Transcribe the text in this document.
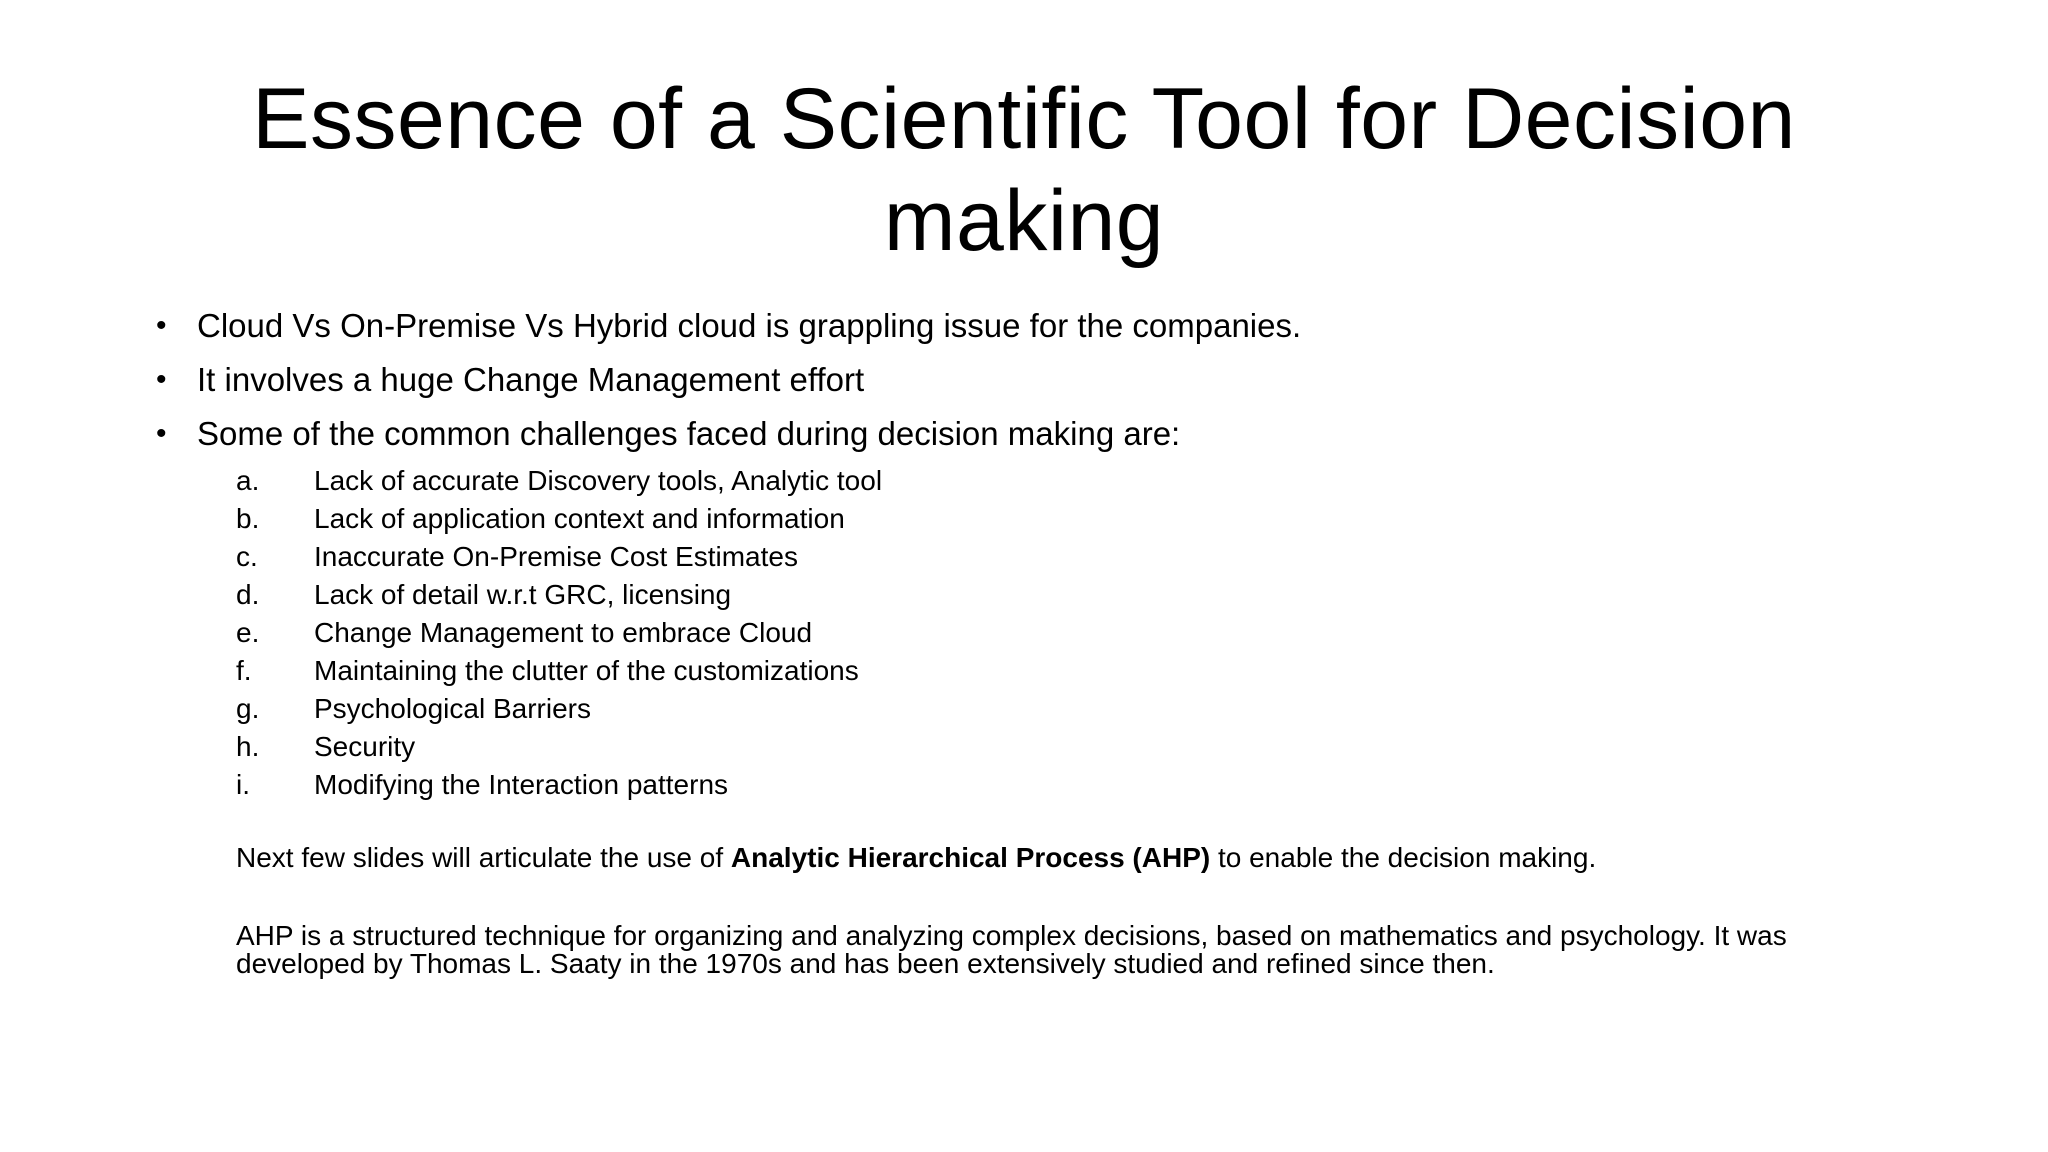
Essence of a Scientific Tool for Decision making
• Cloud Vs On-Premise Vs Hybrid cloud is grappling issue for the companies.
• It involves a huge Change Management effort
• Some of the common challenges faced during decision making are:
a.	Lack of accurate Discovery tools, Analytic tool
b.	Lack of application context and information
c.	Inaccurate On-Premise Cost Estimates
d.	Lack of detail w.r.t GRC, licensing
e.	Change Management to embrace Cloud
f.	Maintaining the clutter of the customizations
g.	Psychological Barriers
h.	Security
i.	Modifying the Interaction patterns

Next few slides will articulate the use of Analytic Hierarchical Process (AHP) to enable the decision making.

AHP is a structured technique for organizing and analyzing complex decisions, based on mathematics and psychology. It was developed by Thomas L. Saaty in the 1970s and has been extensively studied and refined since then.
